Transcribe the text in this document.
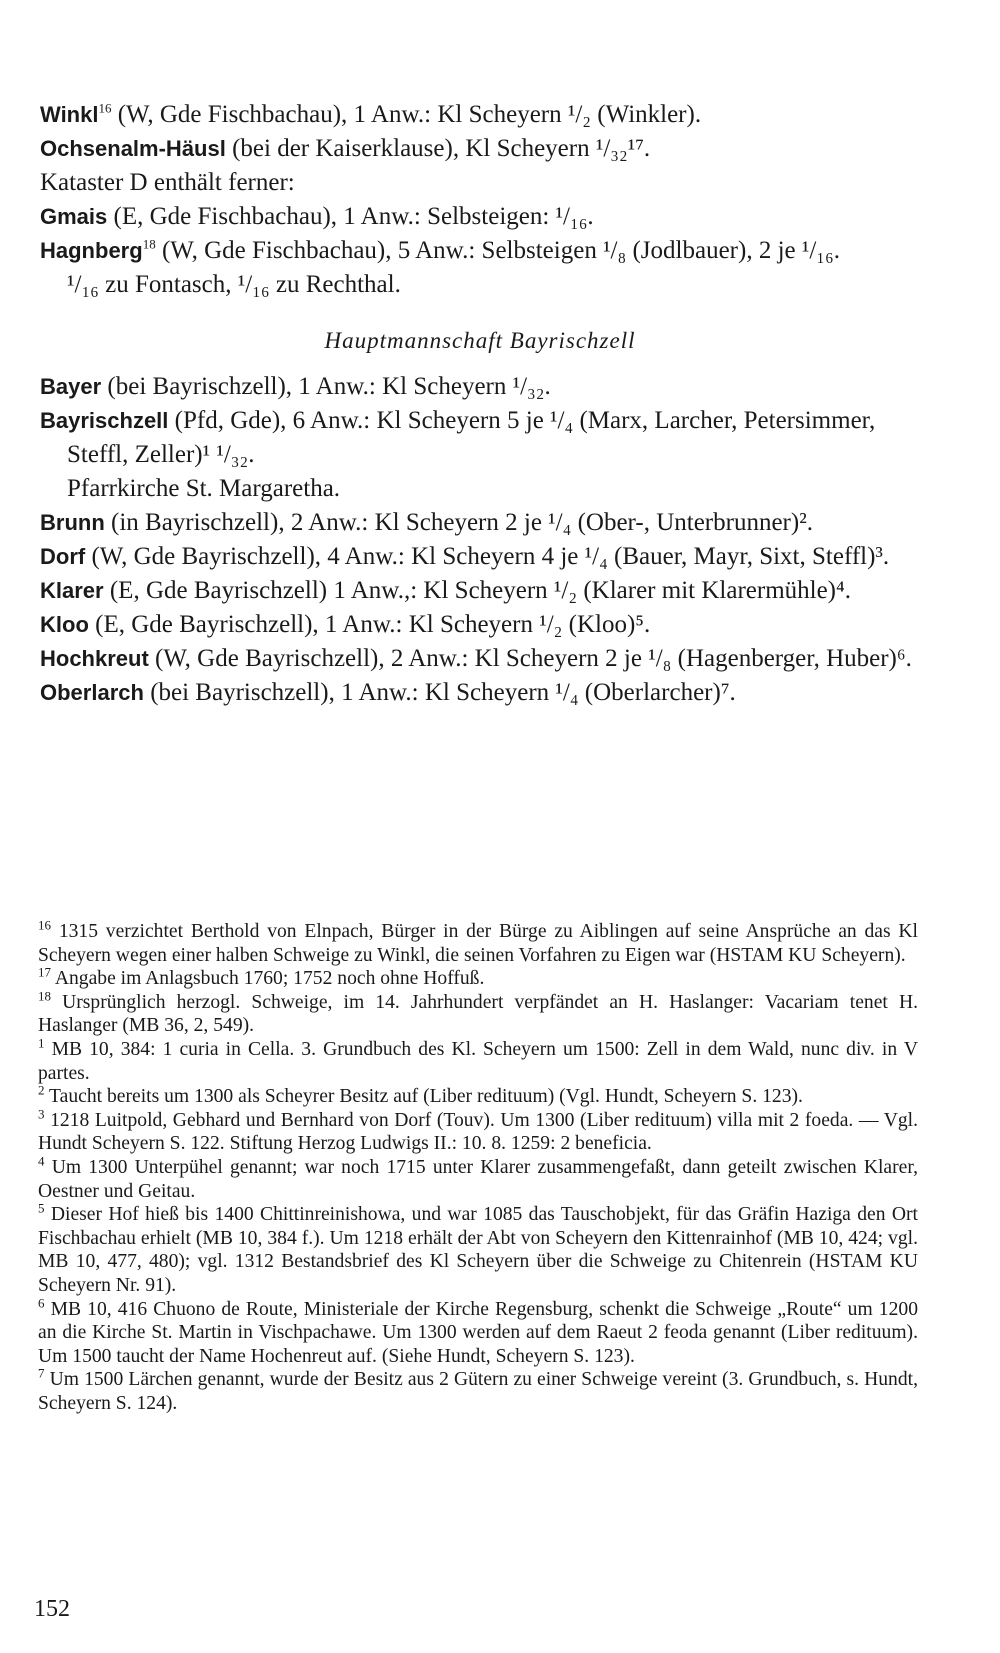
Winkl$^{16}$ (W, Gde Fischbachau), 1 Anw.: Kl Scheyern ¹/₂ (Winkler).

Ochsenalm-Häusl (bei der Kaiserklause), Kl Scheyern ¹/₃₂¹⁷.

Kataster D enthält ferner:

Gmais (E, Gde Fischbachau), 1 Anw.: Selbsteigen: ¹/₁₆.

Hagnberg$^{18}$ (W, Gde Fischbachau), 5 Anw.: Selbsteigen ¹/₈ (Jodlbauer), 2 je ¹/₁₆.

¹/₁₆ zu Fontasch, ¹/₁₆ zu Rechthal.

Hauptmannschaft Bayrischzell

Bayer (bei Bayrischzell), 1 Anw.: Kl Scheyern ¹/₃₂.

Bayrischzell (Pfd, Gde), 6 Anw.: Kl Scheyern 5 je ¹/₄ (Marx, Larcher, Petersimmer, Steffl, Zeller)¹ ¹/₃₂.

Pfarrkirche St. Margaretha.

Brunn (in Bayrischzell), 2 Anw.: Kl Scheyern 2 je ¹/₄ (Ober-, Unterbrunner)².

Dorf (W, Gde Bayrischzell), 4 Anw.: Kl Scheyern 4 je ¹/₄ (Bauer, Mayr, Sixt, Steffl)³.

Klarer (E, Gde Bayrischzell) 1 Anw.,: Kl Scheyern ¹/₂ (Klarer mit Klarermühle)⁴.

Kloo (E, Gde Bayrischzell), 1 Anw.: Kl Scheyern ¹/₂ (Kloo)⁵.

Hochkreut (W, Gde Bayrischzell), 2 Anw.: Kl Scheyern 2 je ¹/₈ (Hagenberger, Huber)⁶.

Oberlarch (bei Bayrischzell), 1 Anw.: Kl Scheyern ¹/₄ (Oberlarcher)⁷.

$^{16}$ 1315 verzichtet Berthold von Elnpach, Bürger in der Bürge zu Aiblingen auf seine Ansprüche an das Kl Scheyern wegen einer halben Schweige zu Winkl, die seinen Vorfahren zu Eigen war (HSTAM KU Scheyern).

$^{17}$ Angabe im Anlagsbuch 1760; 1752 noch ohne Hoffuß.

$^{18}$ Ursprünglich herzogl. Schweige, im 14. Jahrhundert verpfändet an H. Haslanger: Vacariam tenet H. Haslanger (MB 36, 2, 549).

$^1$ MB 10, 384: 1 curia in Cella. 3. Grundbuch des Kl. Scheyern um 1500: Zell in dem Wald, nunc div. in V partes.

$^2$ Taucht bereits um 1300 als Scheyrer Besitz auf (Liber redituum) (Vgl. Hundt, Scheyern S. 123).

$^3$ 1218 Luitpold, Gebhard und Bernhard von Dorf (Touv). Um 1300 (Liber redituum) villa mit 2 foeda. — Vgl. Hundt Scheyern S. 122. Stiftung Herzog Ludwigs II.: 10. 8. 1259: 2 beneficia.

$^4$ Um 1300 Unterpühel genannt; war noch 1715 unter Klarer zusammengefaßt, dann geteilt zwischen Klarer, Oestner und Geitau.

$^5$ Dieser Hof hieß bis 1400 Chittinreinishowa, und war 1085 das Tauschobjekt, für das Gräfin Haziga den Ort Fischbachau erhielt (MB 10, 384 f.). Um 1218 erhält der Abt von Scheyern den Kittenrainhof (MB 10, 424; vgl. MB 10, 477, 480); vgl. 1312 Bestandsbrief des Kl Scheyern über die Schweige zu Chitenrein (HSTAM KU Scheyern Nr. 91).

$^6$ MB 10, 416 Chuono de Route, Ministeriale der Kirche Regensburg, schenkt die Schweige „Route“ um 1200 an die Kirche St. Martin in Vischpachawe. Um 1300 werden auf dem Raeut 2 feoda genannt (Liber redituum). Um 1500 taucht der Name Hochenreut auf. (Siehe Hundt, Scheyern S. 123).

$^7$ Um 1500 Lärchen genannt, wurde der Besitz aus 2 Gütern zu einer Schweige vereint (3. Grundbuch, s. Hundt, Scheyern S. 124).

152
